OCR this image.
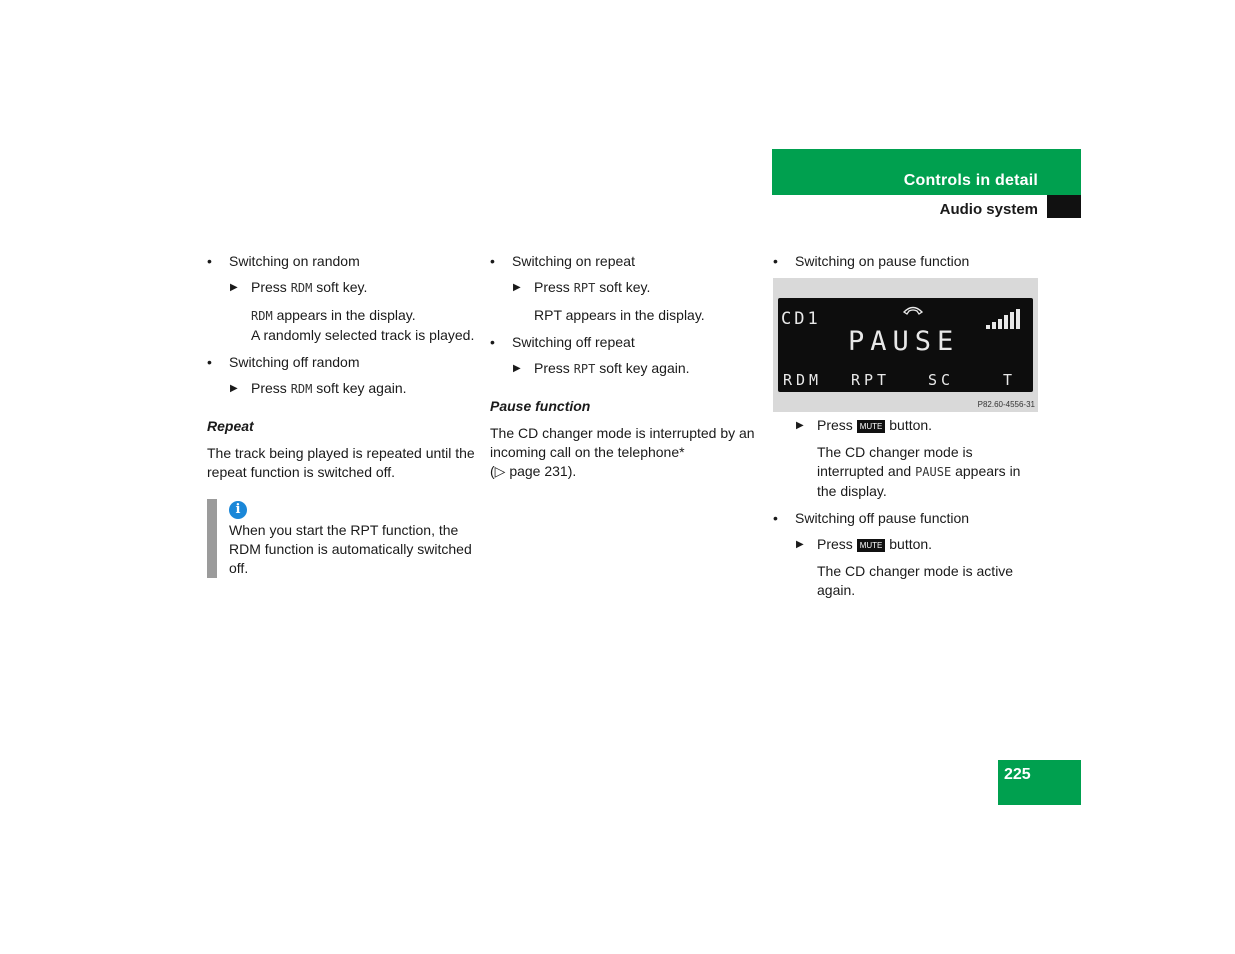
Controls in detail
Audio system
• Switching on random
▶ Press RDM soft key.
RDM appears in the display.
A randomly selected track is played.
• Switching off random
▶ Press RDM soft key again.
Repeat
The track being played is repeated until the repeat function is switched off.
i
When you start the RPT function, the RDM function is automatically switched off.
• Switching on repeat
▶ Press RPT soft key.
RPT appears in the display.
• Switching off repeat
▶ Press RPT soft key again.
Pause function
The CD changer mode is interrupted by an incoming call on the telephone*
(▷ page 231).
• Switching on pause function
CD1
PAUSE
RDM RPT	SC	T
P82.60-4556-31
▶ Press MUTE button.
The CD changer mode is interrupted and PAUSE appears in the display.
• Switching off pause function
▶ Press MUTE button.
The CD changer mode is active again.
225
